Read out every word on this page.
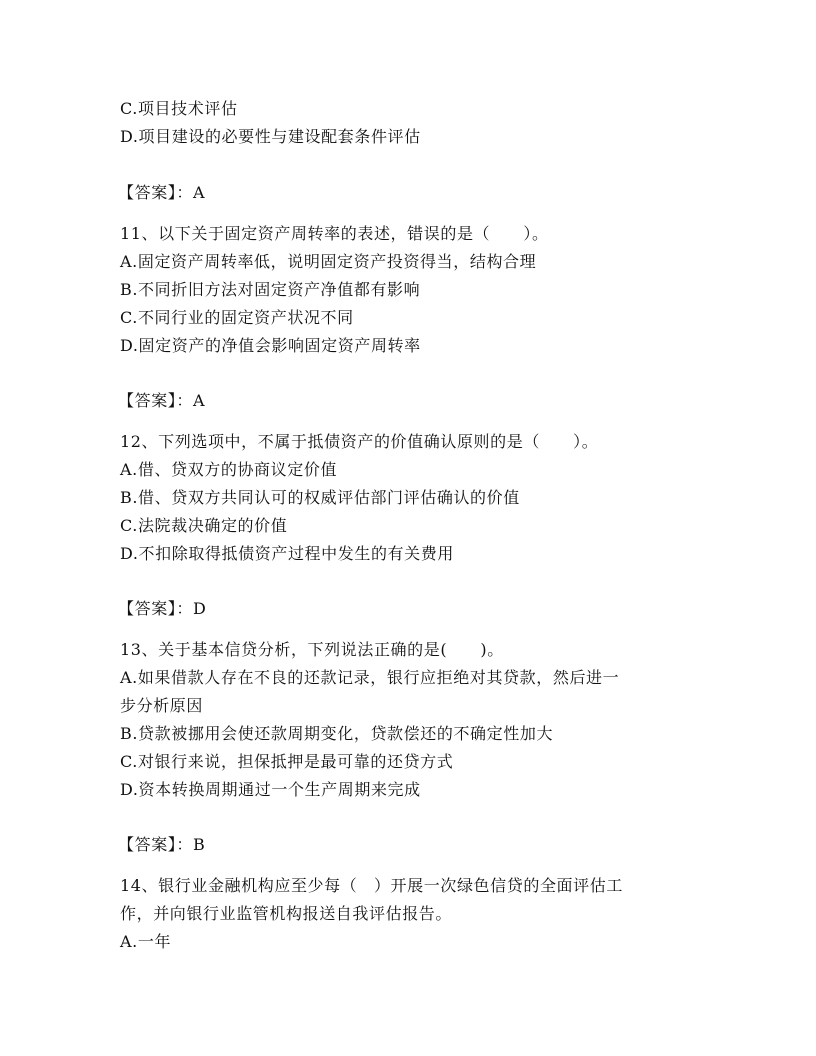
C.项目技术评估
D.项目建设的必要性与建设配套条件评估
【答案】：A
11、以下关于固定资产周转率的表述，错误的是（　　）。
A.固定资产周转率低，说明固定资产投资得当，结构合理
B.不同折旧方法对固定资产净值都有影响
C.不同行业的固定资产状况不同
D.固定资产的净值会影响固定资产周转率
【答案】：A
12、下列选项中，不属于抵债资产的价值确认原则的是（　　）。
A.借、贷双方的协商议定价值
B.借、贷双方共同认可的权威评估部门评估确认的价值
C.法院裁决确定的价值
D.不扣除取得抵债资产过程中发生的有关费用
【答案】：D
13、关于基本信贷分析，下列说法正确的是(　　)。
A.如果借款人存在不良的还款记录，银行应拒绝对其贷款，然后进一
步分析原因
B.贷款被挪用会使还款周期变化，贷款偿还的不确定性加大
C.对银行来说，担保抵押是最可靠的还贷方式
D.资本转换周期通过一个生产周期来完成
【答案】：B
14、银行业金融机构应至少每（　）开展一次绿色信贷的全面评估工
作，并向银行业监管机构报送自我评估报告。
A.一年
